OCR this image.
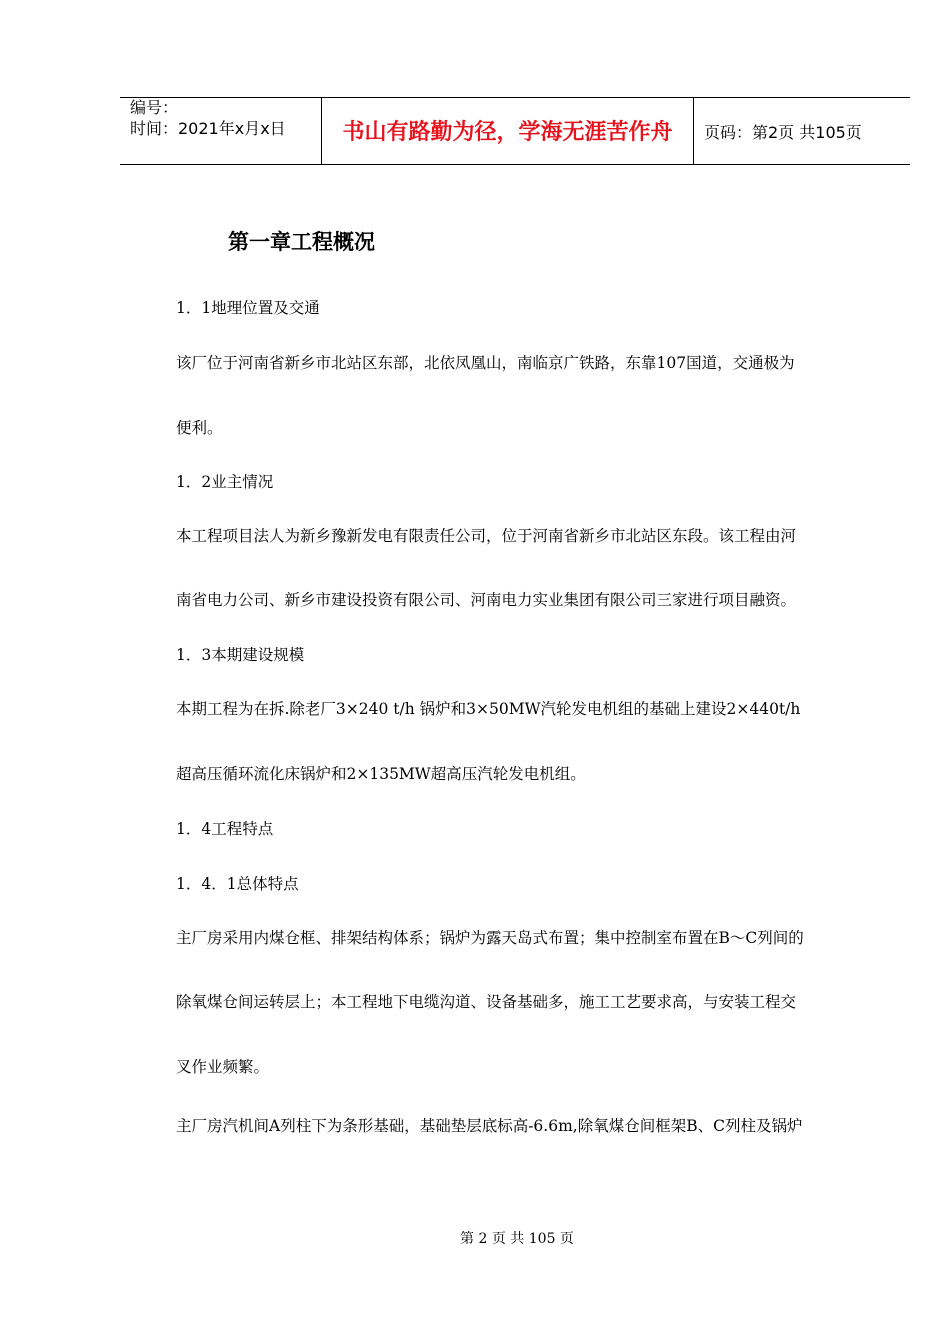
编号：
时间：2021年x月x日	书山有路勤为径，学海无涯苦作舟	页码：第2页 共105页
第一章工程概况
1．1地理位置及交通
该厂位于河南省新乡市北站区东部，北依凤凰山，南临京广铁路，东靠107国道，交通极为
便利。
1．2业主情况
本工程项目法人为新乡豫新发电有限责任公司，位于河南省新乡市北站区东段。该工程由河
南省电力公司、新乡市建设投资有限公司、河南电力实业集团有限公司三家进行项目融资。
1．3本期建设规模
本期工程为在拆.除老厂3×240 t/h 锅炉和3×50MW汽轮发电机组的基础上建设2×440t/h
超高压循环流化床锅炉和2×135MW超高压汽轮发电机组。
1．4工程特点
1．4．1总体特点
主厂房采用内煤仓框、排架结构体系；锅炉为露天岛式布置；集中控制室布置在B～C列间的
除氧煤仓间运转层上；本工程地下电缆沟道、设备基础多，施工工艺要求高，与安装工程交
叉作业频繁。
主厂房汽机间A列柱下为条形基础，基础垫层底标高-6.6m,除氧煤仓间框架B、C列柱及锅炉
第 2 页 共 105 页
